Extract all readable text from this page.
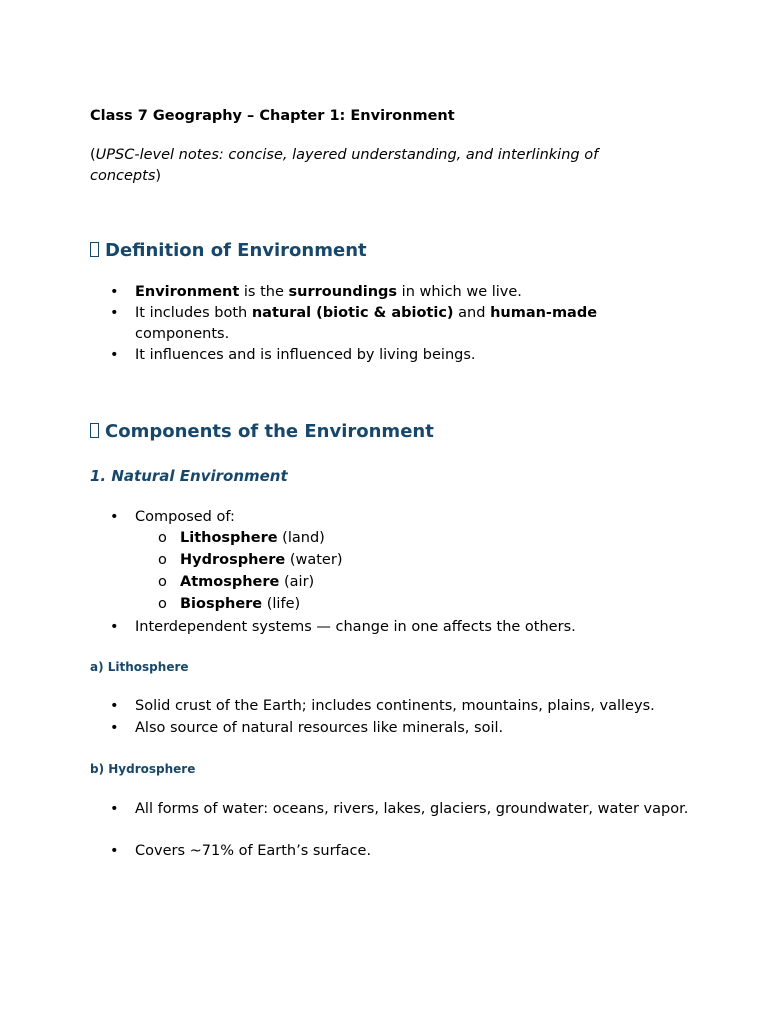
Class 7 Geography – Chapter 1: Environment
(UPSC-level notes: concise, layered understanding, and interlinking of concepts)
Definition of Environment
• Environment is the surroundings in which we live.
• It includes both natural (biotic & abiotic) and human-made components.
• It influences and is influenced by living beings.
Components of the Environment
1. Natural Environment
• Composed of:
o Lithosphere (land)
o Hydrosphere (water)
o Atmosphere (air)
o Biosphere (life)
• Interdependent systems — change in one affects the others.
a) Lithosphere
• Solid crust of the Earth; includes continents, mountains, plains, valleys.
• Also source of natural resources like minerals, soil.
b) Hydrosphere
• All forms of water: oceans, rivers, lakes, glaciers, groundwater, water vapor.
• Covers ~71% of Earth’s surface.
